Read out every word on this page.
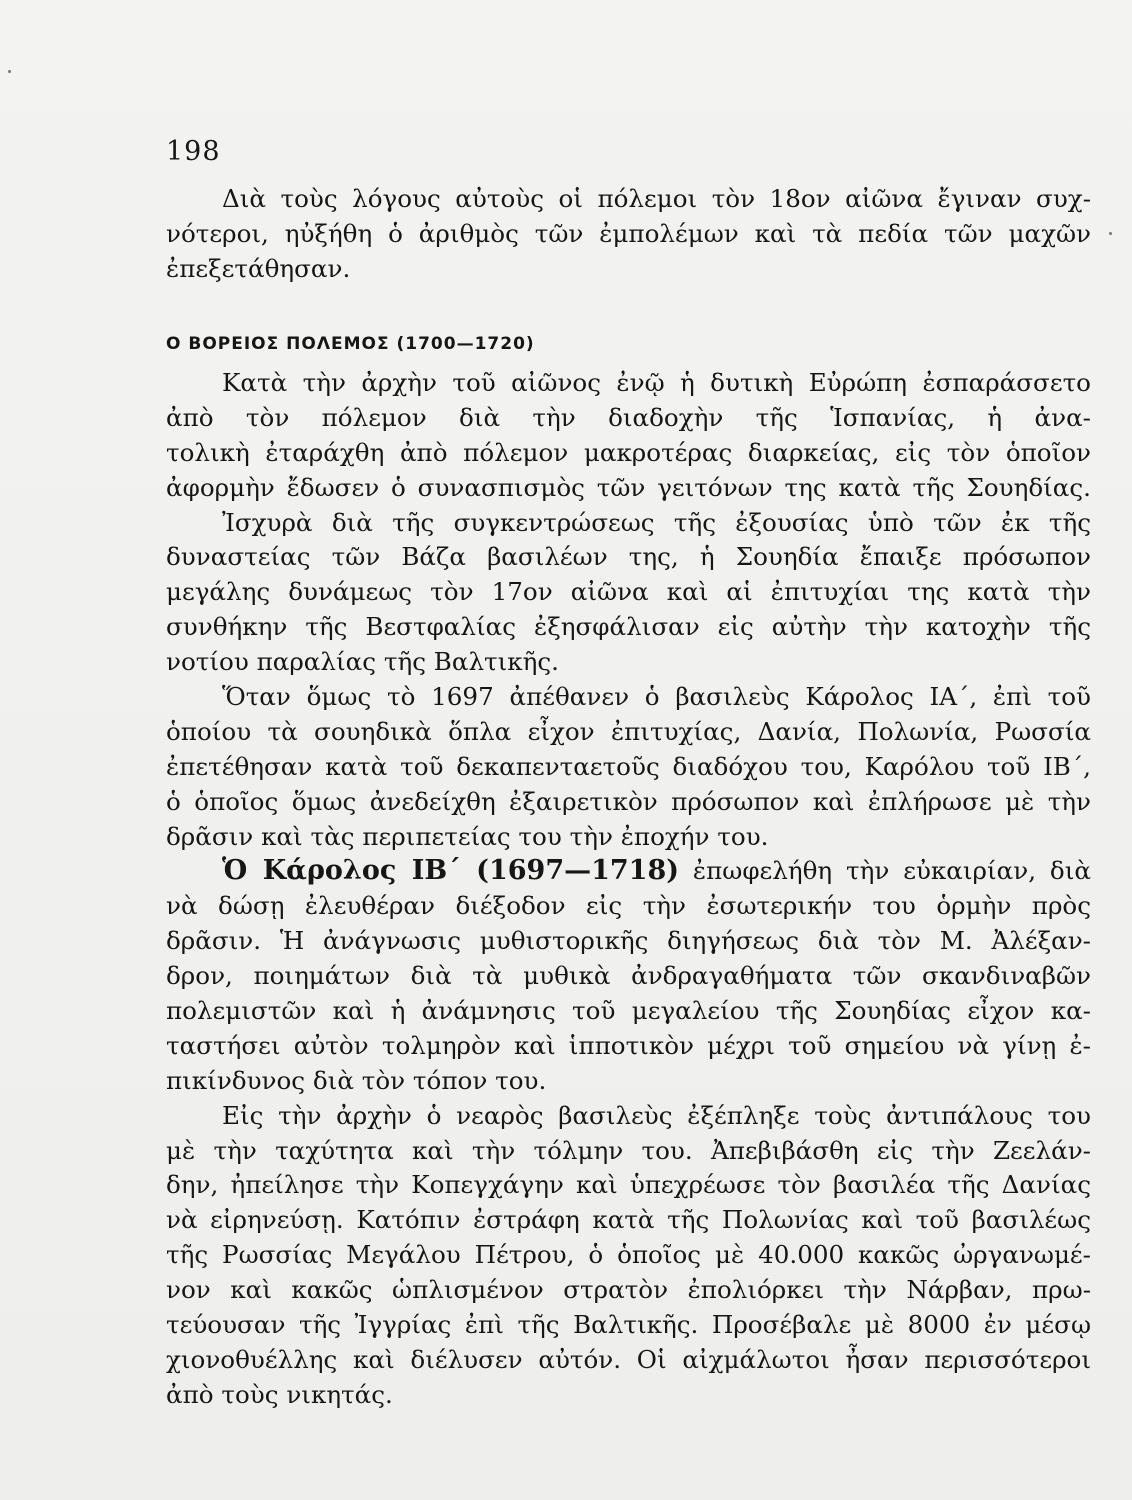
198
Διὰ τοὺς λόγους αὐτοὺς οἱ πόλεμοι τὸν 18ον αἰῶνα ἔγιναν συχ-
νότεροι, ηὐξήθη ὁ ἀριθμὸς τῶν ἐμπολέμων καὶ τὰ πεδία τῶν μαχῶν
ἐπεξετάθησαν.
Ο ΒΟΡΕΙΟΣ ΠΟΛΕΜΟΣ (1700—1720)
Κατὰ τὴν ἀρχὴν τοῦ αἰῶνος ἐνῷ ἡ δυτικὴ Εὐρώπη ἐσπαράσσετο
ἀπὸ τὸν πόλεμον διὰ τὴν διαδοχὴν τῆς Ἱσπανίας, ἡ ἀνα-
τολικὴ ἐταράχθη ἀπὸ πόλεμον μακροτέρας διαρκείας, εἰς τὸν ὁποῖον
ἀφορμὴν ἔδωσεν ὁ συνασπισμὸς τῶν γειτόνων της κατὰ τῆς Σουηδίας.
Ἰσχυρὰ διὰ τῆς συγκεντρώσεως τῆς ἐξουσίας ὑπὸ τῶν ἐκ τῆς
δυναστείας τῶν Βάζα βασιλέων της, ἡ Σουηδία ἔπαιξε πρόσωπον
μεγάλης δυνάμεως τὸν 17ον αἰῶνα καὶ αἱ ἐπιτυχίαι της κατὰ τὴν
συνθήκην τῆς Βεστφαλίας ἐξησφάλισαν εἰς αὐτὴν τὴν κατοχὴν τῆς
νοτίου παραλίας τῆς Βαλτικῆς.
Ὅταν ὅμως τὸ 1697 ἀπέθανεν ὁ βασιλεὺς Κάρολος ΙΑ΄, ἐπὶ τοῦ
ὁποίου τὰ σουηδικὰ ὅπλα εἶχον ἐπιτυχίας, Δανία, Πολωνία, Ρωσσία
ἐπετέθησαν κατὰ τοῦ δεκαπενταετοῦς διαδόχου του, Καρόλου τοῦ ΙΒ΄,
ὁ ὁποῖος ὅμως ἀνεδείχθη ἐξαιρετικὸν πρόσωπον καὶ ἐπλήρωσε μὲ τὴν
δρᾶσιν καὶ τὰς περιπετείας του τὴν ἐποχήν του.
Ὁ Κάρολος ΙΒ΄ (1697—1718) ἐπωφελήθη τὴν εὐκαιρίαν, διὰ
νὰ δώσῃ ἐλευθέραν διέξοδον εἰς τὴν ἐσωτερικήν του ὁρμὴν πρὸς
δρᾶσιν. Ἡ ἀνάγνωσις μυθιστορικῆς διηγήσεως διὰ τὸν Μ. Ἀλέξαν-
δρον, ποιημάτων διὰ τὰ μυθικὰ ἀνδραγαθήματα τῶν σκανδιναβῶν
πολεμιστῶν καὶ ἡ ἀνάμνησις τοῦ μεγαλείου τῆς Σουηδίας εἶχον κα-
ταστήσει αὐτὸν τολμηρὸν καὶ ἱπποτικὸν μέχρι τοῦ σημείου νὰ γίνῃ ἐ-
πικίνδυνος διὰ τὸν τόπον του.
Εἰς τὴν ἀρχὴν ὁ νεαρὸς βασιλεὺς ἐξέπληξε τοὺς ἀντιπάλους του
μὲ τὴν ταχύτητα καὶ τὴν τόλμην του. Ἀπεβιβάσθη εἰς τὴν Ζεελάν-
δην, ἠπείλησε τὴν Κοπεγχάγην καὶ ὑπεχρέωσε τὸν βασιλέα τῆς Δανίας
νὰ εἰρηνεύσῃ. Κατόπιν ἐστράφη κατὰ τῆς Πολωνίας καὶ τοῦ βασιλέως
τῆς Ρωσσίας Μεγάλου Πέτρου, ὁ ὁποῖος μὲ 40.000 κακῶς ὠργανωμέ-
νον καὶ κακῶς ὡπλισμένον στρατὸν ἐπολιόρκει τὴν Νάρβαν, πρω-
τεύουσαν τῆς Ἰγγρίας ἐπὶ τῆς Βαλτικῆς. Προσέβαλε μὲ 8000 ἐν μέσῳ
χιονοθυέλλης καὶ διέλυσεν αὐτόν. Οἱ αἰχμάλωτοι ἦσαν περισσότεροι
ἀπὸ τοὺς νικητάς.
